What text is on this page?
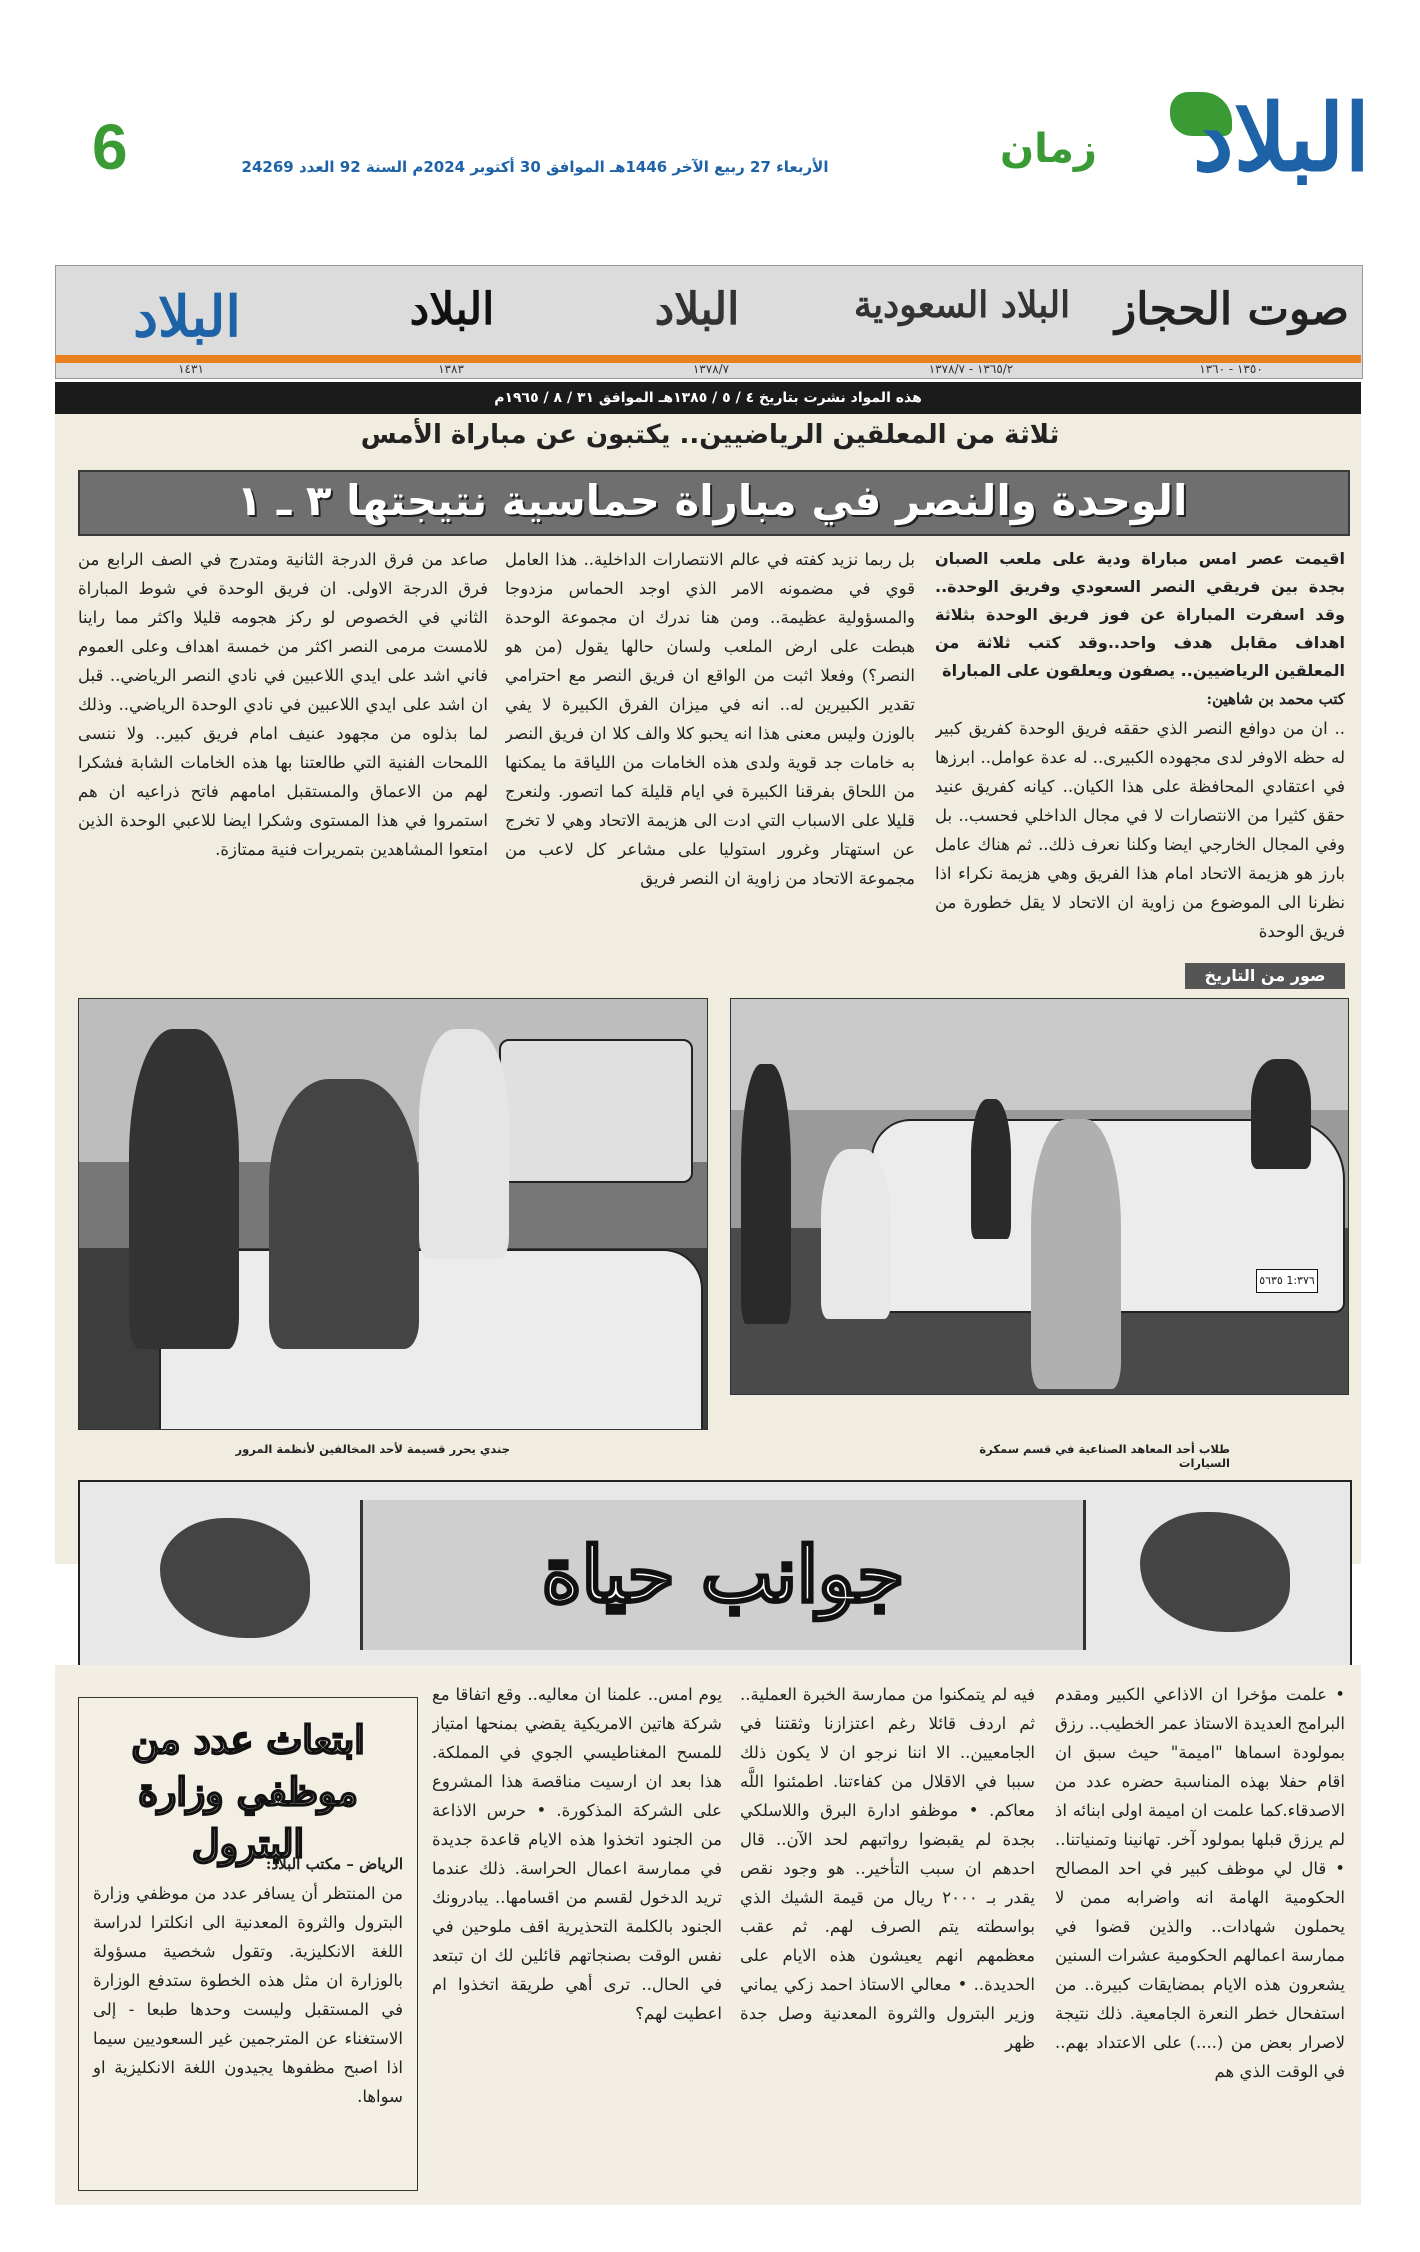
6	الأربعاء 27 ربيع الآخر 1446هـ الموافق 30 أكتوبر 2024م السنة 92 العدد 24269	زمان البلاد
صوت الحجاز
البلاد السعودية
البلاد
البلاد
البلاد
١٣٥٠ - ١٣٦٠
١٣٦٥/٢ - ١٣٧٨/٧
١٣٧٨/٧
١٣٨٣
١٤٣١
هذه المواد نشرت بتاريخ ٤ / ٥ / ١٣٨٥هـ الموافق ٣١ / ٨ / ١٩٦٥م
ثلاثة من المعلقين الرياضيين.. يكتبون عن مباراة الأمس
الوحدة والنصر في مباراة حماسية نتيجتها ٣ ـ ١

اقيمت عصر امس مباراة ودية على ملعب الصبان بجدة بين فريقي النصر السعودي وفريق الوحدة.. وقد اسفرت المباراة عن فوز فريق الوحدة بثلاثة اهداف مقابل هدف واحد..وقد كتب ثلاثة من المعلقين الرياضيين.. يصفون ويعلقون على المباراة

كتب محمد بن شاهين:

.. ان من دوافع النصر الذي حققه فريق الوحدة كفريق كبير له حظه الاوفر لدى مجهوده الكبيرى.. له عدة عوامل.. ابرزها في اعتقادي المحافظة على هذا الكيان.. كيانه كفريق عنيد حقق كثيرا من الانتصارات لا في مجال الداخلي فحسب.. بل وفي المجال الخارجي ايضا وكلنا نعرف ذلك.. ثم هناك عامل بارز هو هزيمة الاتحاد امام هذا الفريق وهي هزيمة نكراء اذا نظرنا الى الموضوع من زاوية ان الاتحاد لا يقل خطورة من فريق الوحدة

بل ربما نزيد كفته في عالم الانتصارات الداخلية.. هذا العامل قوي في مضمونه الامر الذي اوجد الحماس مزدوجا والمسؤولية عظيمة.. ومن هنا ندرك ان مجموعة الوحدة هبطت على ارض الملعب ولسان حالها يقول (من هو النصر؟) وفعلا اثبت من الواقع ان فريق النصر مع احترامي تقدير الكبيرين له.. انه في ميزان الفرق الكبيرة لا يفي بالوزن وليس معنى هذا انه يحبو كلا والف كلا ان فريق النصر به خامات جد قوية ولدى هذه الخامات من اللياقة ما يمكنها من اللحاق بفرقنا الكبيرة في ايام قليلة كما اتصور. ولنعرج قليلا على الاسباب التي ادت الى هزيمة الاتحاد وهي لا تخرج عن استهتار وغرور استوليا على مشاعر كل لاعب من مجموعة الاتحاد من زاوية ان النصر فريق

صاعد من فرق الدرجة الثانية ومتدرج في الصف الرابع من فرق الدرجة الاولى. ان فريق الوحدة في شوط المباراة الثاني في الخصوص لو ركز هجومه قليلا واكثر مما راينا للامست مرمى النصر اكثر من خمسة اهداف وعلى العموم فاني اشد على ايدي اللاعبين في نادي النصر الرياضي.. قبل ان اشد على ايدي اللاعبين في نادي الوحدة الرياضي.. وذلك لما بذلوه من مجهود عنيف امام فريق كبير.. ولا ننسى اللمحات الفنية التي طالعتنا بها هذه الخامات الشابة فشكرا لهم من الاعماق والمستقبل امامهم فاتح ذراعيه ان هم استمروا في هذا المستوى وشكرا ايضا للاعبي الوحدة الذين امتعوا المشاهدين بتمريرات فنية ممتازة.

صور من التاريخ
1:۳۷٦ ٥٦٣٥
طلاب أحد المعاهد الصناعية في قسم سمكرة السيارات
جندي يحرر قسيمة لأحد المخالفين لأنظمة المرور
جوانب حياة

• علمت مؤخرا ان الاذاعي الكبير ومقدم البرامج العديدة الاستاذ عمر الخطيب.. رزق بمولودة اسماها "اميمة" حيث سبق ان اقام حفلا بهذه المناسبة حضره عدد من الاصدقاء.كما علمت ان اميمة اولى ابنائه اذ لم يرزق قبلها بمولود آخر. تهانينا وتمنياتنا.. • قال لي موظف كبير في احد المصالح الحكومية الهامة انه واضرابه ممن لا يحملون شهادات.. والذين قضوا في ممارسة اعمالهم الحكومية عشرات السنين يشعرون هذه الايام بمضايقات كبيرة.. من استفحال خطر النعرة الجامعية. ذلك نتيجة لاصرار بعض من (....) على الاعتداد بهم.. في الوقت الذي هم

فيه لم يتمكنوا من ممارسة الخبرة العملية.. ثم اردف قائلا رغم اعتزازنا وثقتنا في الجامعيين.. الا اننا نرجو ان لا يكون ذلك سببا في الاقلال من كفاءتنا. اطمئنوا اللَّه معاكم. • موظفو ادارة البرق واللاسلكي بجدة لم يقبضوا رواتبهم لحد الآن.. قال احدهم ان سبب التأخير.. هو وجود نقص يقدر بـ ٢٠٠٠ ريال من قيمة الشيك الذي بواسطته يتم الصرف لهم. ثم عقب معظمهم انهم يعيشون هذه الايام على الحديدة.. • معالي الاستاذ احمد زكي يماني وزير البترول والثروة المعدنية وصل جدة ظهر

يوم امس.. علمنا ان معاليه.. وقع اتفاقا مع شركة هاتين الامريكية يقضي بمنحها امتياز للمسح المغناطيسي الجوي في المملكة. هذا بعد ان ارسيت مناقصة هذا المشروع على الشركة المذكورة. • حرس الاذاعة من الجنود اتخذوا هذه الايام قاعدة جديدة في ممارسة اعمال الحراسة. ذلك عندما تريد الدخول لقسم من اقسامها.. يبادرونك الجنود بالكلمة التحذيرية اقف ملوحين في نفس الوقت بصنجاتهم قائلين لك ان تبتعد في الحال.. ترى أهي طريقة اتخذوا ام اعطيت لهم؟

ابتعاث عدد من موظفي وزارة البترول

الرياض – مكتب البلاد:

من المنتظر أن يسافر عدد من موظفي وزارة البترول والثروة المعدنية الى انكلترا لدراسة اللغة الانكليزية. وتقول شخصية مسؤولة بالوزارة ان مثل هذه الخطوة ستدفع الوزارة في المستقبل وليست وحدها طبعا - إلى الاستغناء عن المترجمين غير السعوديين سيما اذا اصبح مظفوها يجيدون اللغة الانكليزية او سواها.
